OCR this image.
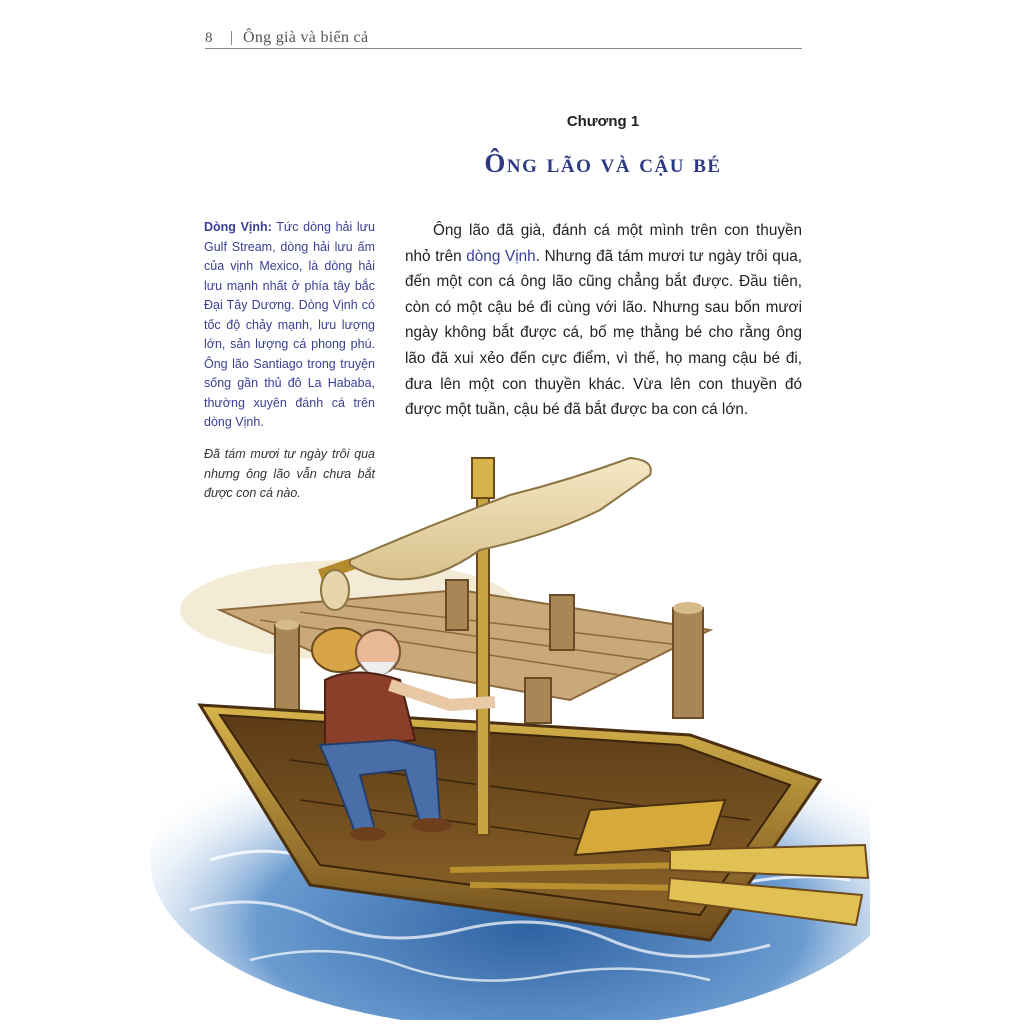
8 Ông già và biển cả
Chương 1
Ông lão và cậu bé
Dòng Vịnh: Tức dòng hải lưu Gulf Stream, dòng hải lưu ấm của vịnh Mexico, là dòng hải lưu mạnh nhất ở phía tây bắc Đại Tây Dương. Dòng Vịnh có tốc độ chảy mạnh, lưu lượng lớn, sản lượng cá phong phú. Ông lão Santiago trong truyện sống gần thủ đô La Hababa, thường xuyên đánh cá trên dòng Vịnh.
Đã tám mươi tư ngày trôi qua nhưng ông lão vẫn chưa bắt được con cá nào.
Ông lão đã già, đánh cá một mình trên con thuyền nhỏ trên dòng Vịnh. Nhưng đã tám mươi tư ngày trôi qua, đến một con cá ông lão cũng chẳng bắt được. Đầu tiên, còn có một cậu bé đi cùng với lão. Nhưng sau bốn mươi ngày không bắt được cá, bố mẹ thằng bé cho rằng ông lão đã xui xẻo đến cực điểm, vì thế, họ mang cậu bé đi, đưa lên một con thuyền khác. Vừa lên con thuyền đó được một tuần, cậu bé đã bắt được ba con cá lớn.
